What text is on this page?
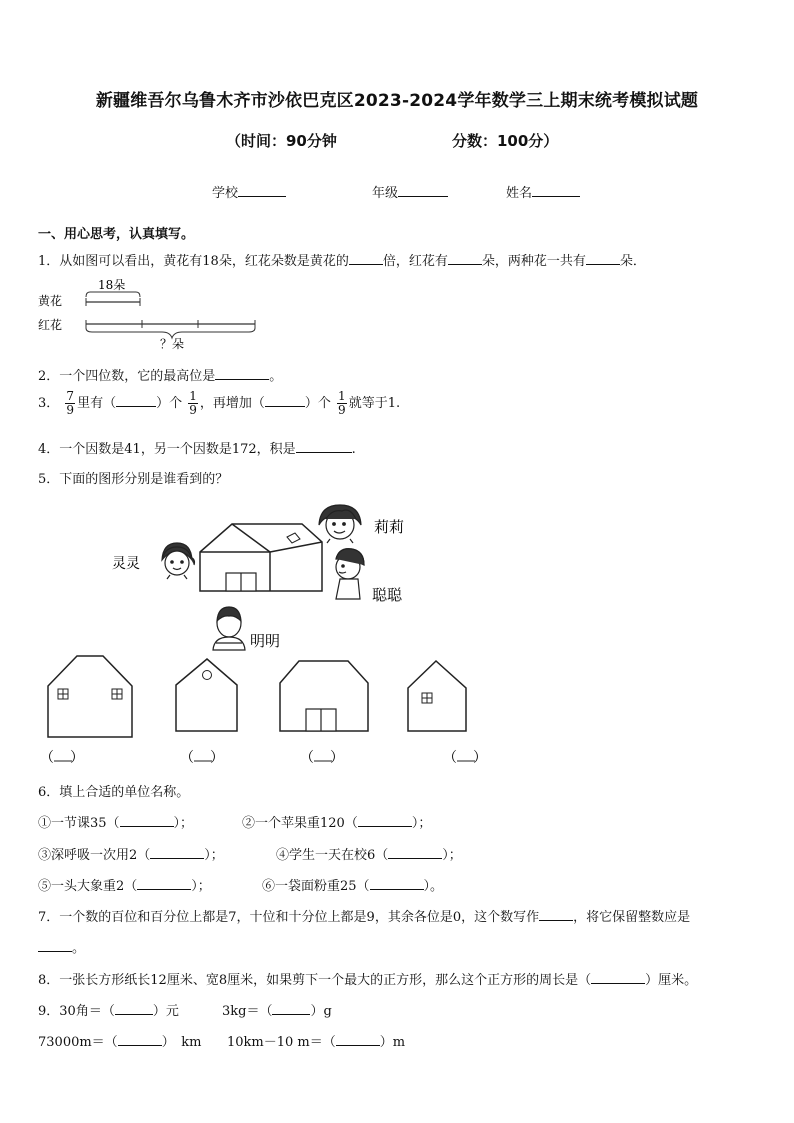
新疆维吾尔乌鲁木齐市沙依巴克区2023-2024学年数学三上期末统考模拟试题
（时间：90分钟	分数：100分）
学校	年级	姓名
一、用心思考，认真填写。
1．从如图可以看出，黄花有18朵，红花朵数是黄花的	倍，红花有	朵，两种花一共有	朵．
黄花
红花
18朵
？朵
2．一个四位数，它的最高位是	。
3． $\frac{7}{9}$ 里有（	）个 $\frac{1}{9}$ ，再增加（	）个 $\frac{1}{9}$ 就等于1.
4．一个因数是41，另一个因数是172，积是	.
5．下面的图形分别是谁看到的？
灵灵
莉莉
聪聪
明明
（ ）	（ ）	（ ）	（ ）
6．填上合适的单位名称。
①一节课35（	）；	②一个苹果重120（	）；
③深呼吸一次用2（	）；	④学生一天在校6（	）；
⑤一头大象重2（	）；	⑥一袋面粉重25（	）。
7．一个数的百位和百分位上都是7，十位和十分位上都是9，其余各位是0，这个数写作	，将它保留整数应是
。
8．一张长方形纸长12厘米、宽8厘米，如果剪下一个最大的正方形，那么这个正方形的周长是（	）厘米。
9．30角＝（	）元	3kg＝（	）g
73000m＝（	）　km 10km－10 m＝（	）m
